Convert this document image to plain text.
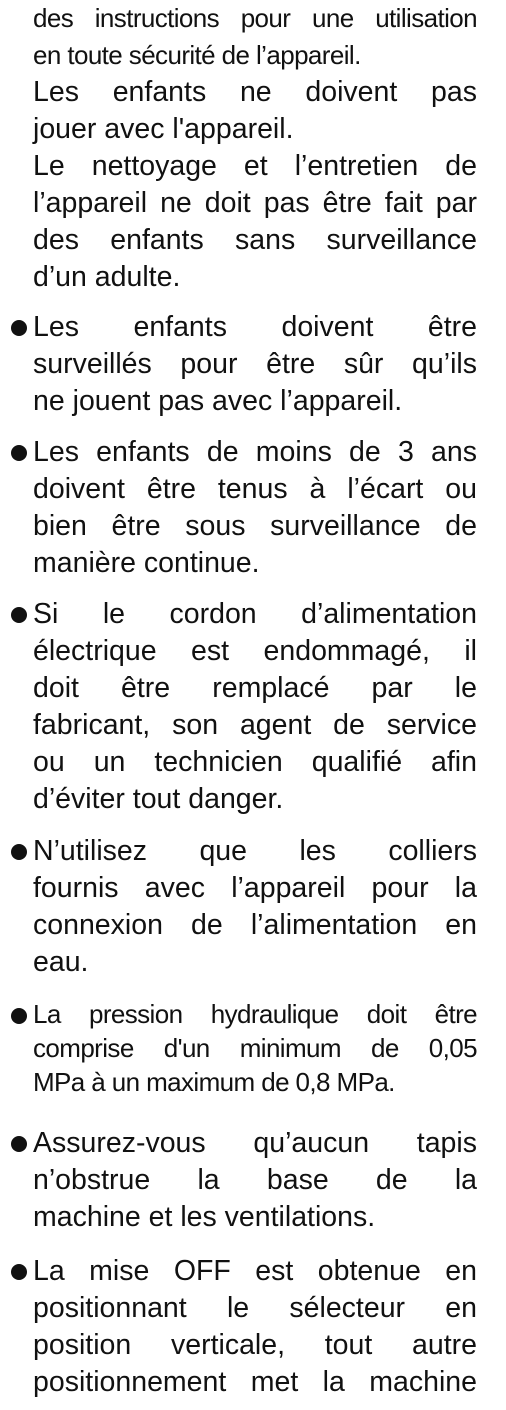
des instructions pour une utilisation
en toute sécurité de l’appareil.
Les enfants ne doivent pas
jouer avec l'appareil.
Le nettoyage et l’entretien de
l’appareil ne doit pas être fait par
des enfants sans surveillance
d’un adulte.
Les enfants doivent être
surveillés pour être sûr qu’ils
ne jouent pas avec l’appareil.
Les enfants de moins de 3 ans
doivent être tenus à l’écart ou
bien être sous surveillance de
manière continue.
Si le cordon d’alimentation
électrique est endommagé, il
doit être remplacé par le
fabricant, son agent de service
ou un technicien qualifié afin
d’éviter tout danger.
N’utilisez que les colliers
fournis avec l’appareil pour la
connexion de l’alimentation en
eau.
La pression hydraulique doit être
comprise d'un minimum de 0,05
MPa à un maximum de 0,8 MPa.
Assurez-vous qu’aucun tapis
n’obstrue la base de la
machine et les ventilations.
La mise OFF est obtenue en
positionnant le sélecteur en
position verticale, tout autre
positionnement met la machine
